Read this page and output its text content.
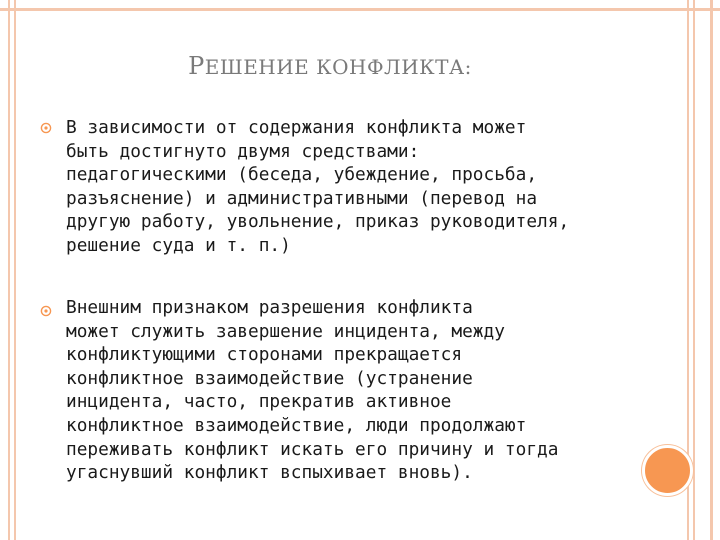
РЕШЕНИЕ КОНФЛИКТА:

В зависимости от содержания конфликта может
быть достигнуто двумя средствами:
педагогическими (беседа, убеждение, просьба,
разъяснение) и административными (перевод на
другую работу, увольнение, приказ руководителя,
решение суда и т. п.)

Внешним признаком разрешения конфликта
может служить завершение инцидента, между
конфликтующими сторонами прекращается
конфликтное взаимодействие (устранение
инцидента, часто, прекратив активное
конфликтное взаимодействие, люди продолжают
переживать конфликт искать его причину и тогда
угаснувший конфликт вспыхивает вновь).
